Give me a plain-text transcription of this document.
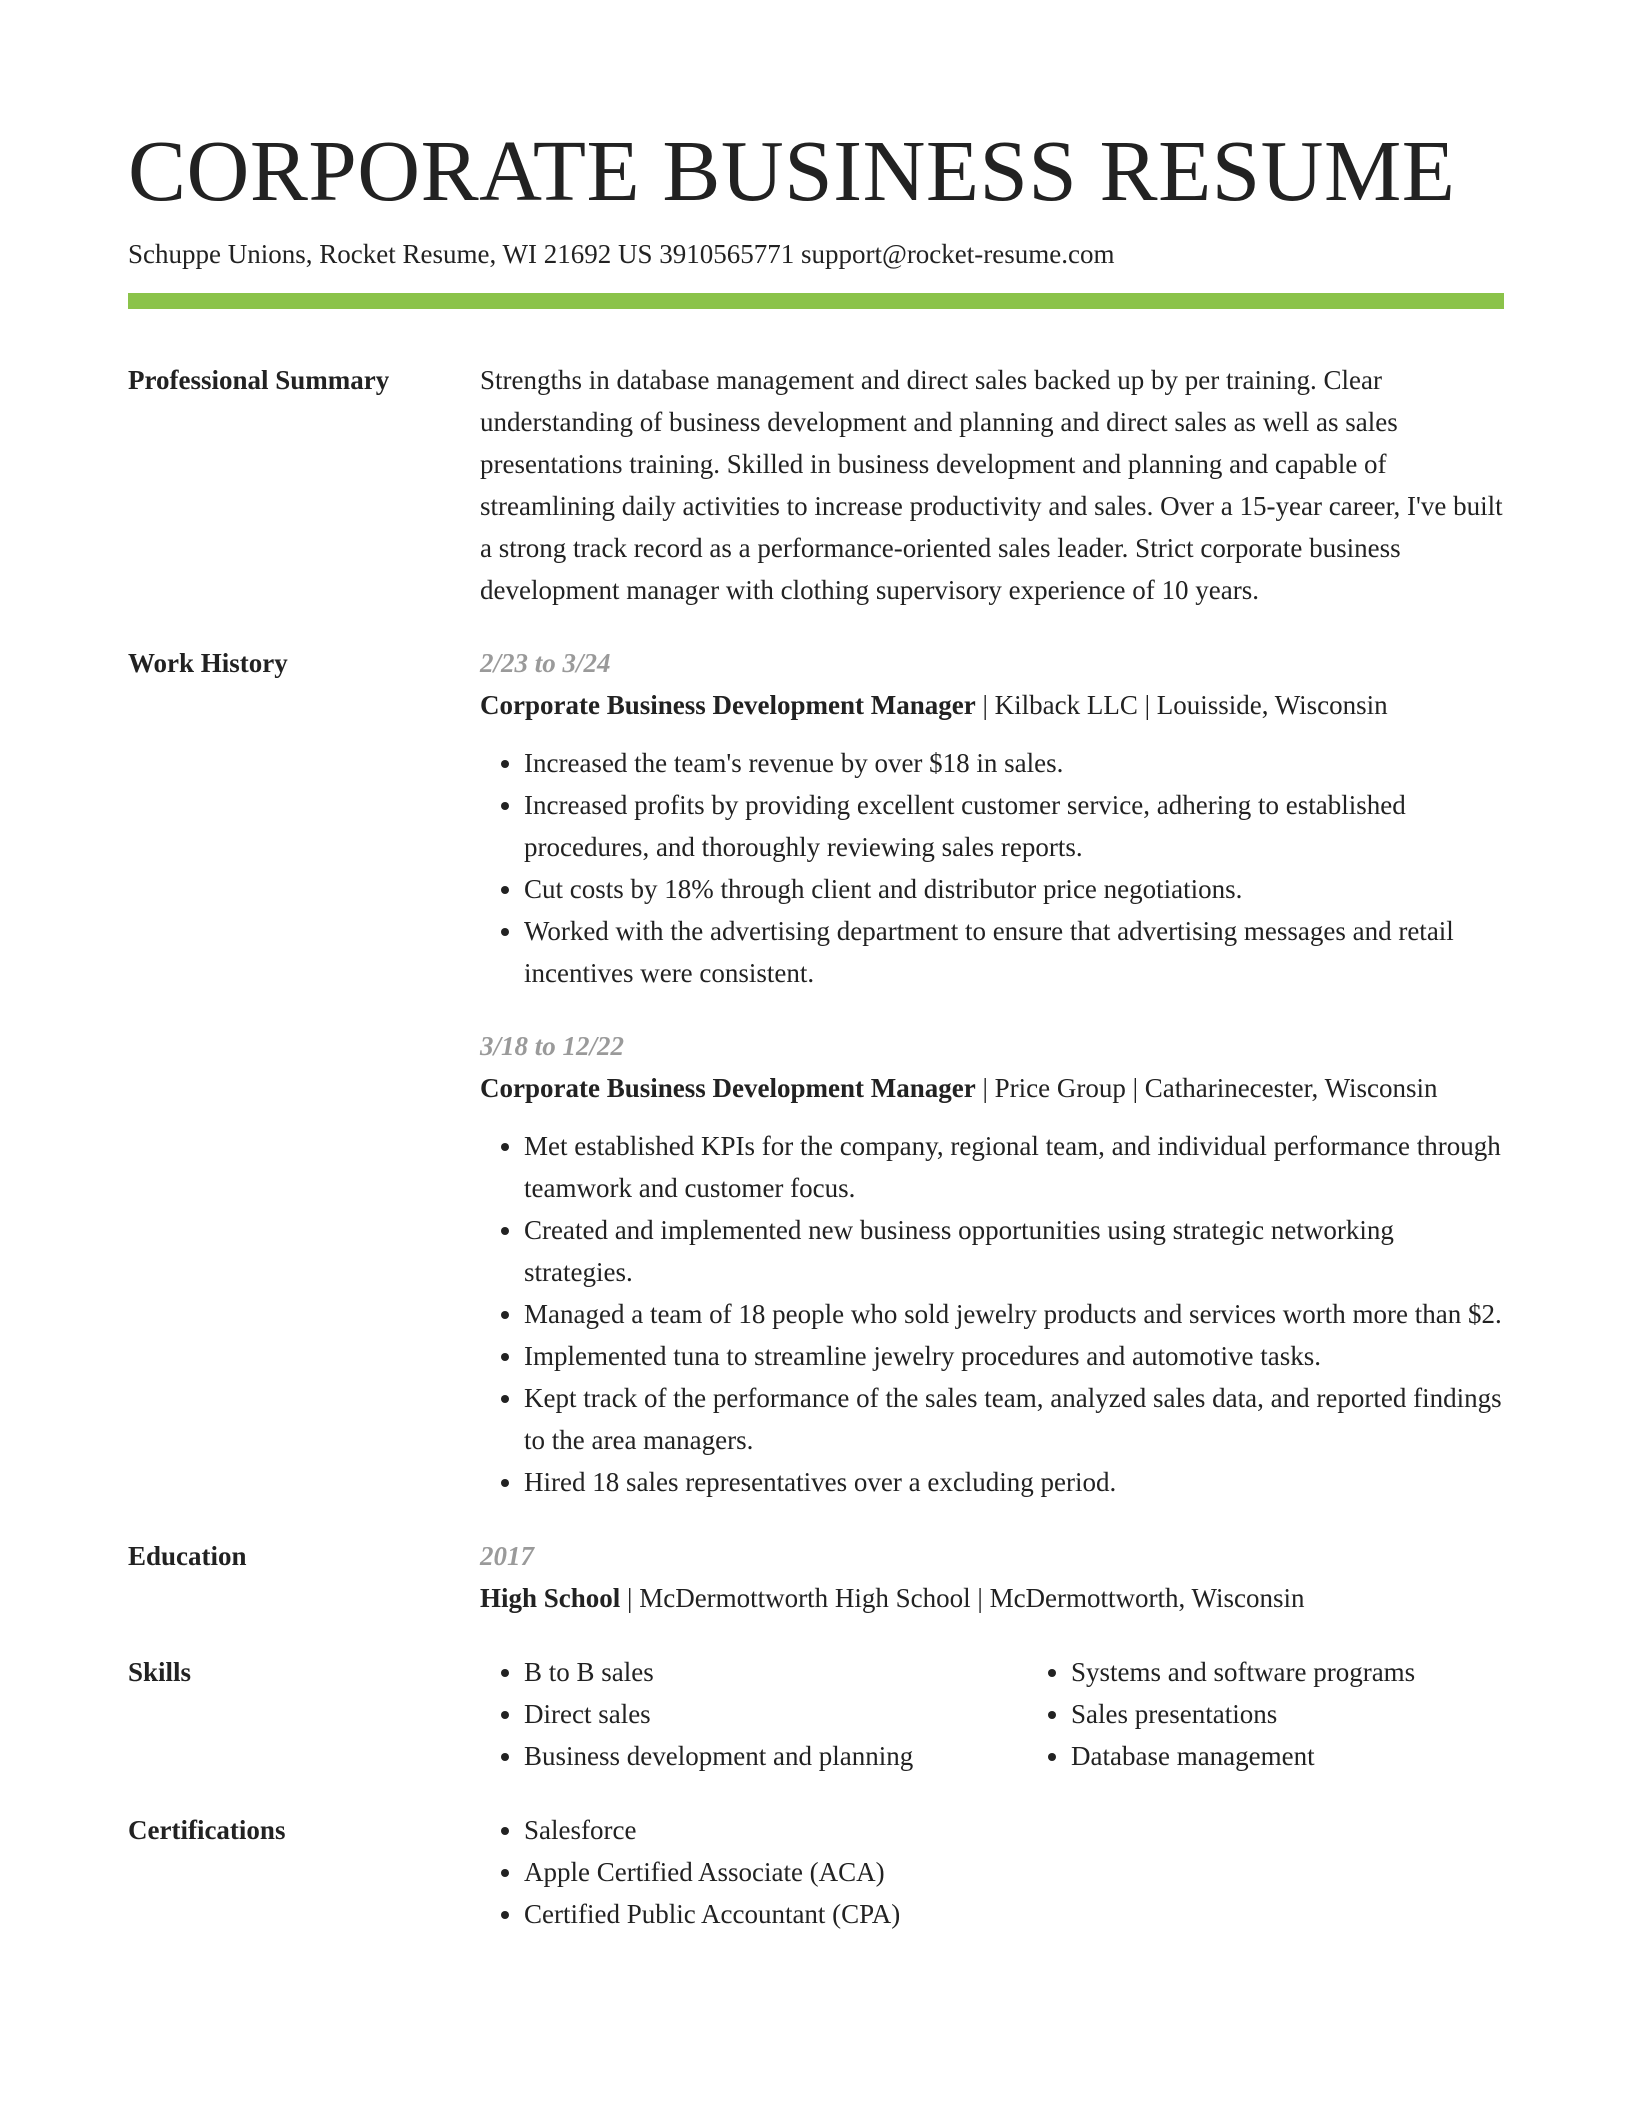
CORPORATE BUSINESS RESUME
Schuppe Unions, Rocket Resume, WI 21692 US 3910565771 support@rocket-resume.com
Professional Summary	Strengths in database management and direct sales backed up by per training. Clear understanding of business development and planning and direct sales as well as sales presentations training. Skilled in business development and planning and capable of streamlining daily activities to increase productivity and sales. Over a 15-year career, I've built a strong track record as a performance-oriented sales leader. Strict corporate business development manager with clothing supervisory experience of 10 years.
Work History	2/23 to 3/24
Corporate Business Development Manager | Kilback LLC | Louisside, Wisconsin
• Increased the team's revenue by over $18 in sales.
• Increased profits by providing excellent customer service, adhering to established procedures, and thoroughly reviewing sales reports.
• Cut costs by 18% through client and distributor price negotiations.
• Worked with the advertising department to ensure that advertising messages and retail incentives were consistent.
3/18 to 12/22
Corporate Business Development Manager | Price Group | Catharinecester, Wisconsin
• Met established KPIs for the company, regional team, and individual performance through teamwork and customer focus.
• Created and implemented new business opportunities using strategic networking strategies.
• Managed a team of 18 people who sold jewelry products and services worth more than $2.
• Implemented tuna to streamline jewelry procedures and automotive tasks.
• Kept track of the performance of the sales team, analyzed sales data, and reported findings to the area managers.
• Hired 18 sales representatives over a excluding period.
Education	2017
High School | McDermottworth High School | McDermottworth, Wisconsin
Skills	• B to B sales
• Direct sales
• Business development and planning
• Systems and software programs
• Sales presentations
• Database management
Certifications	• Salesforce
• Apple Certified Associate (ACA)
• Certified Public Accountant (CPA)
